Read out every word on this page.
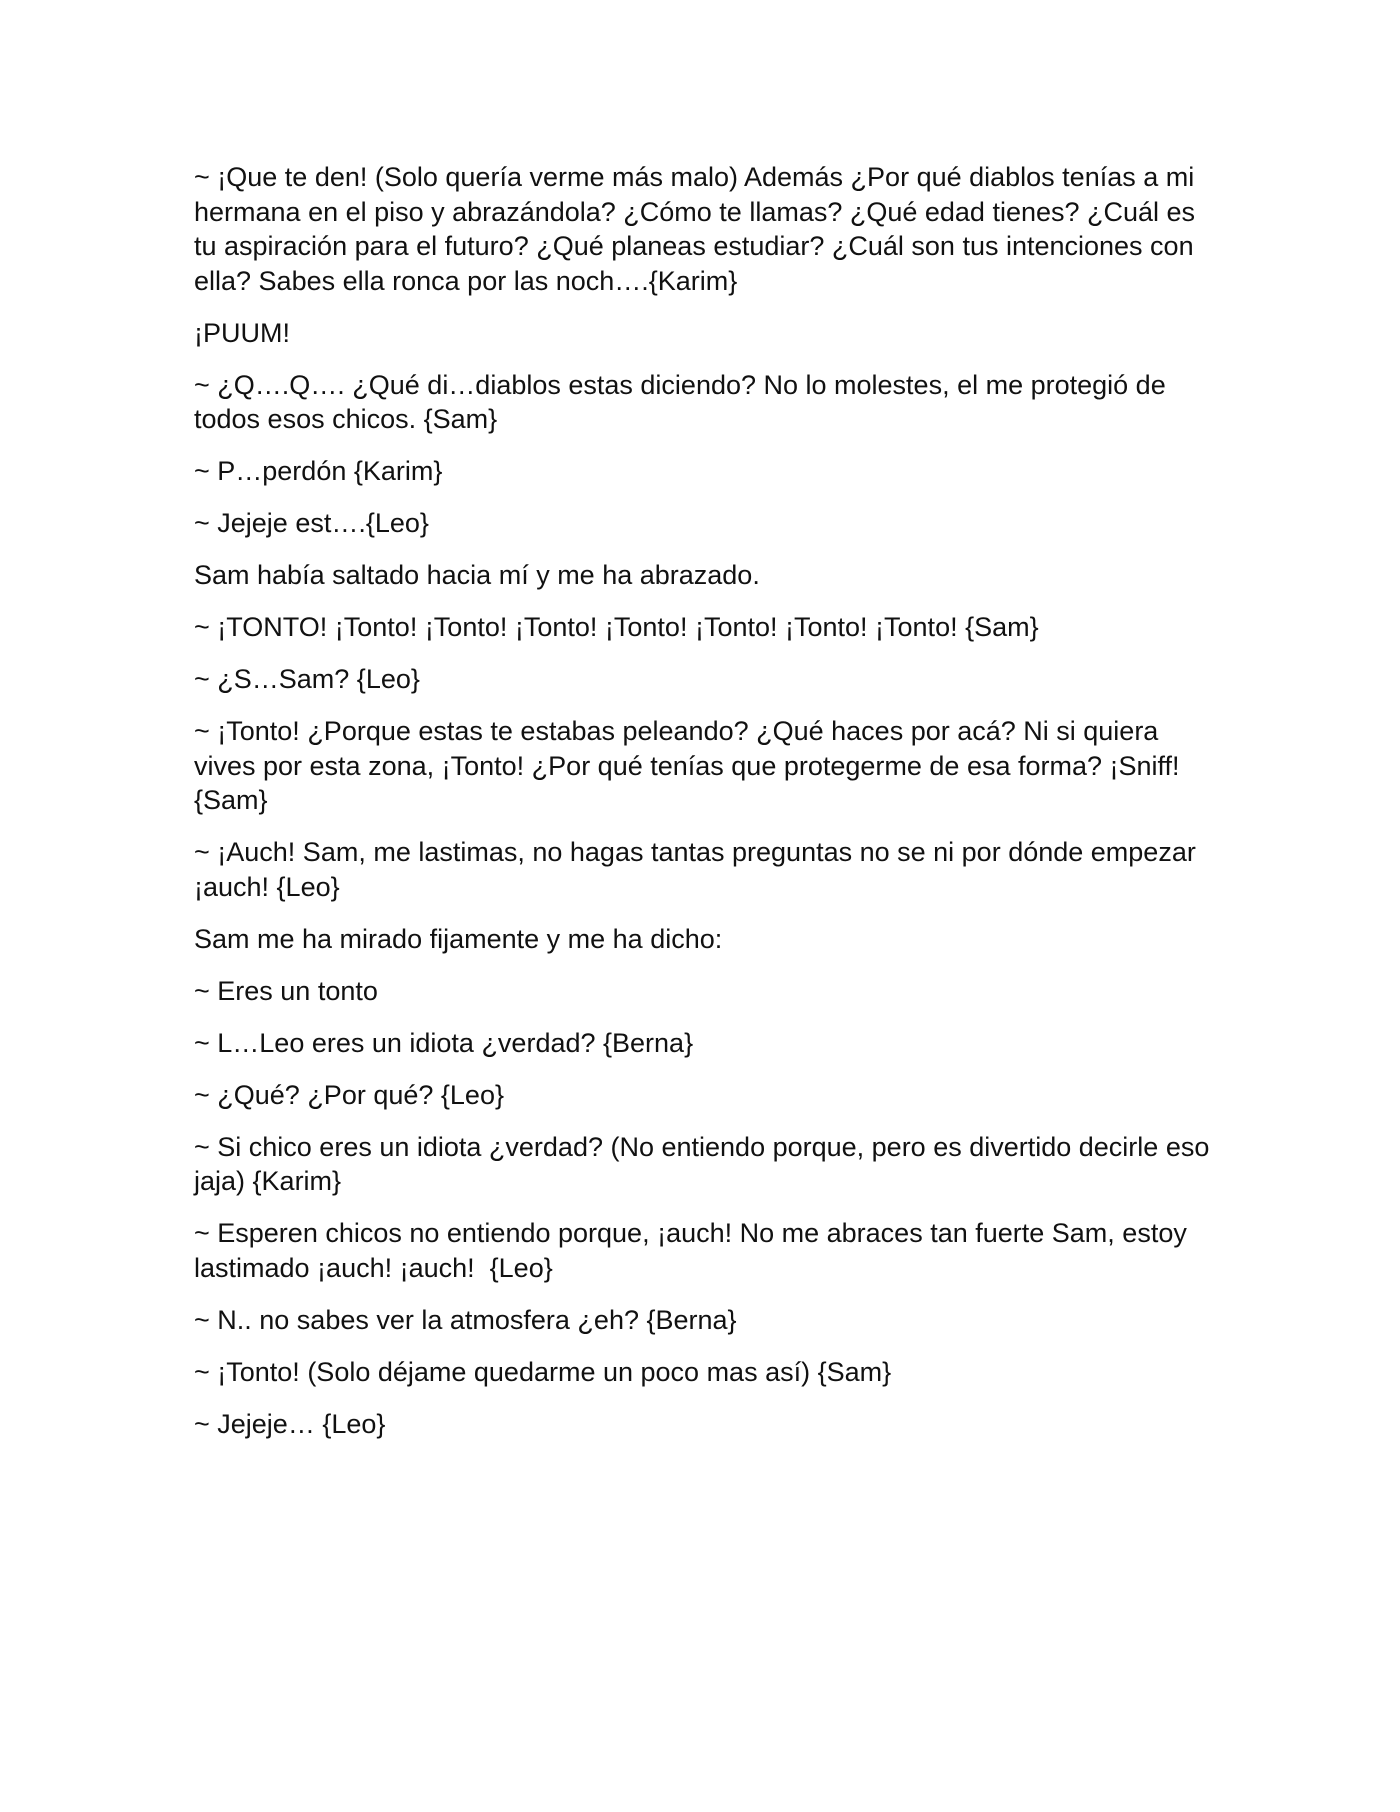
~ ¡Que te den! (Solo quería verme más malo) Además ¿Por qué diablos tenías a mi hermana en el piso y abrazándola? ¿Cómo te llamas? ¿Qué edad tienes? ¿Cuál es tu aspiración para el futuro? ¿Qué planeas estudiar? ¿Cuál son tus intenciones con ella? Sabes ella ronca por las noch….{Karim}

¡PUUM!

~ ¿Q….Q…. ¿Qué di…diablos estas diciendo? No lo molestes, el me protegió de todos esos chicos. {Sam}

~ P…perdón {Karim}

~ Jejeje est….{Leo}

Sam había saltado hacia mí y me ha abrazado.

~ ¡TONTO! ¡Tonto! ¡Tonto! ¡Tonto! ¡Tonto! ¡Tonto! ¡Tonto! ¡Tonto! {Sam}

~ ¿S…Sam? {Leo}

~ ¡Tonto! ¿Porque estas te estabas peleando? ¿Qué haces por acá? Ni si quiera vives por esta zona, ¡Tonto! ¿Por qué tenías que protegerme de esa forma? ¡Sniff! {Sam}

~ ¡Auch! Sam, me lastimas, no hagas tantas preguntas no se ni por dónde empezar ¡auch! {Leo}

Sam me ha mirado fijamente y me ha dicho:

~ Eres un tonto

~ L…Leo eres un idiota ¿verdad? {Berna}

~ ¿Qué? ¿Por qué? {Leo}

~ Si chico eres un idiota ¿verdad? (No entiendo porque, pero es divertido decirle eso jaja) {Karim}

~ Esperen chicos no entiendo porque, ¡auch! No me abraces tan fuerte Sam, estoy lastimado ¡auch! ¡auch!  {Leo}

~ N.. no sabes ver la atmosfera ¿eh? {Berna}

~ ¡Tonto! (Solo déjame quedarme un poco mas así) {Sam}

~ Jejeje… {Leo}
